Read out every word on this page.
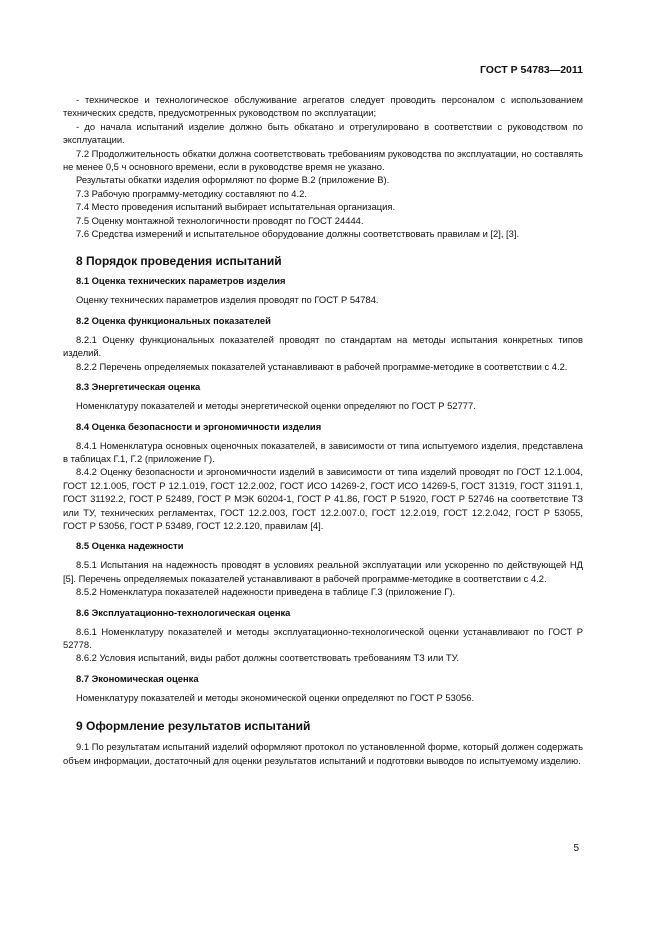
ГОСТ Р 54783—2011

- техническое и технологическое обслуживание агрегатов следует проводить персоналом с использованием технических средств, предусмотренных руководством по эксплуатации;

- до начала испытаний изделие должно быть обкатано и отрегулировано в соответствии с руководством по эксплуатации.

7.2 Продолжительность обкатки должна соответствовать требованиям руководства по эксплуатации, но составлять не менее 0,5 ч основного времени, если в руководстве время не указано.

Результаты обкатки изделия оформляют по форме В.2 (приложение В).

7.3 Рабочую программу-методику составляют по 4.2.

7.4 Место проведения испытаний выбирает испытательная организация.

7.5 Оценку монтажной технологичности проводят по ГОСТ 24444.

7.6 Средства измерений и испытательное оборудование должны соответствовать правилам и [2], [3].

8 Порядок проведения испытаний
8.1 Оценка технических параметров изделия

Оценку технических параметров изделия проводят по ГОСТ Р 54784.

8.2 Оценка функциональных показателей

8.2.1 Оценку функциональных показателей проводят по стандартам на методы испытания конкретных типов изделий.

8.2.2 Перечень определяемых показателей устанавливают в рабочей программе-методике в соответствии с 4.2.

8.3 Энергетическая оценка

Номенклатуру показателей и методы энергетической оценки определяют по ГОСТ Р 52777.

8.4 Оценка безопасности и эргономичности изделия

8.4.1 Номенклатура основных оценочных показателей, в зависимости от типа испытуемого изделия, представлена в таблицах Г.1, Г.2 (приложение Г).

8.4.2 Оценку безопасности и эргономичности изделий в зависимости от типа изделий проводят по ГОСТ 12.1.004, ГОСТ 12.1.005, ГОСТ Р 12.1.019, ГОСТ 12.2.002, ГОСТ ИСО 14269-2, ГОСТ ИСО 14269-5, ГОСТ 31319, ГОСТ 31191.1, ГОСТ 31192.2, ГОСТ Р 52489, ГОСТ Р МЭК 60204-1, ГОСТ Р 41.86, ГОСТ Р 51920, ГОСТ Р 52746 на соответствие ТЗ или ТУ, технических регламентах, ГОСТ 12.2.003, ГОСТ 12.2.007.0, ГОСТ 12.2.019, ГОСТ 12.2.042, ГОСТ Р 53055, ГОСТ Р 53056, ГОСТ Р 53489, ГОСТ 12.2.120, правилам [4].

8.5 Оценка надежности

8.5.1 Испытания на надежность проводят в условиях реальной эксплуатации или ускоренно по действующей НД [5]. Перечень определяемых показателей устанавливают в рабочей программе-методике в соответствии с 4.2.

8.5.2 Номенклатура показателей надежности приведена в таблице Г.3 (приложение Г).

8.6 Эксплуатационно-технологическая оценка

8.6.1 Номенклатуру показателей и методы эксплуатационно-технологической оценки устанавливают по ГОСТ Р 52778.

8.6.2 Условия испытаний, виды работ должны соответствовать требованиям ТЗ или ТУ.

8.7 Экономическая оценка

Номенклатуру показателей и методы экономической оценки определяют по ГОСТ Р 53056.

9 Оформление результатов испытаний

9.1 По результатам испытаний изделий оформляют протокол по установленной форме, который должен содержать объем информации, достаточный для оценки результатов испытаний и подготовки выводов по испытуемому изделию.

5
